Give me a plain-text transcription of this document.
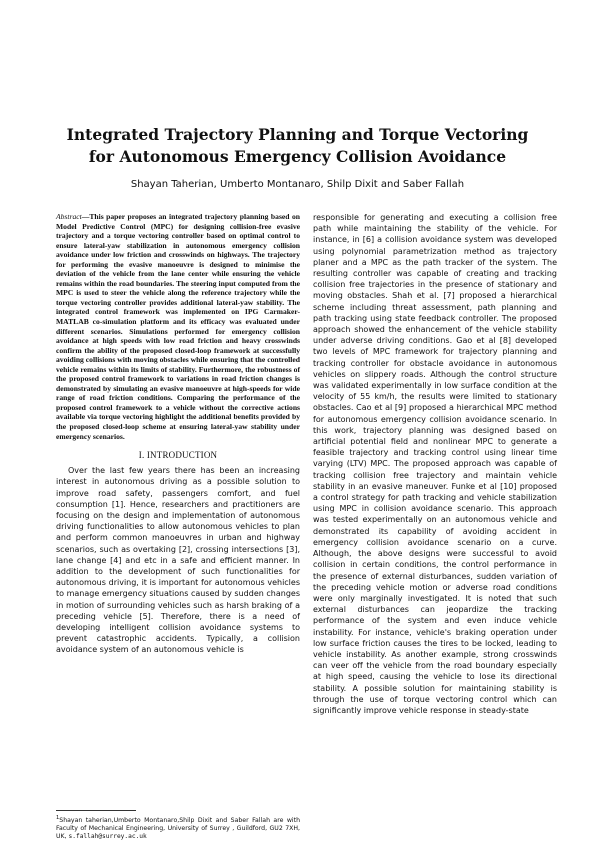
Integrated Trajectory Planning and Torque Vectoring for Autonomous Emergency Collision Avoidance
Shayan Taherian, Umberto Montanaro, Shilp Dixit and Saber Fallah

Abstract—This paper proposes an integrated trajectory planning based on Model Predictive Control (MPC) for designing collision-free evasive trajectory and a torque vectoring controller based on optimal control to ensure lateral-yaw stabilization in autonomous emergency collision avoidance under low friction and crosswinds on highways. The trajectory for performing the evasive manoeuvre is designed to minimise the deviation of the vehicle from the lane center while ensuring the vehicle remains within the road boundaries. The steering input computed from the MPC is used to steer the vehicle along the reference trajectory while the torque vectoring controller provides additional lateral-yaw stability. The integrated control framework was implemented on IPG Carmaker-MATLAB co-simulation platform and its efficacy was evaluated under different scenarios. Simulations performed for emergency collision avoidance at high speeds with low road friction and heavy crosswinds confirm the ability of the proposed closed-loop framework at successfully avoiding collisions with moving obstacles while ensuring that the controlled vehicle remains within its limits of stability. Furthermore, the robustness of the proposed control framework to variations in road friction changes is demonstrated by simulating an evasive manoeuvre at high-speeds for wide range of road friction conditions. Comparing the performance of the proposed control framework to a vehicle without the corrective actions available via torque vectoring highlight the additional benefits provided by the proposed closed-loop scheme at ensuring lateral-yaw stability under emergency scenarios.

I. INTRODUCTION

Over the last few years there has been an increasing interest in autonomous driving as a possible solution to improve road safety, passengers comfort, and fuel consumption [1]. Hence, researchers and practitioners are focusing on the design and implementation of autonomous driving functionalities to allow autonomous vehicles to plan and perform common manoeuvres in urban and highway scenarios, such as overtaking [2], crossing intersections [3], lane change [4] and etc in a safe and efficient manner. In addition to the development of such functionalities for autonomous driving, it is important for autonomous vehicles to manage emergency situations caused by sudden changes in motion of surrounding vehicles such as harsh braking of a preceding vehicle [5]. Therefore, there is a need of developing intelligent collision avoidance systems to prevent catastrophic accidents. Typically, a collision avoidance system of an autonomous vehicle is

responsible for generating and executing a collision free path while maintaining the stability of the vehicle. For instance, in [6] a collision avoidance system was developed using polynomial parametrization method as trajectory planer and a MPC as the path tracker of the system. The resulting controller was capable of creating and tracking collision free trajectories in the presence of stationary and moving obstacles. Shah et al. [7] proposed a hierarchical scheme including threat assessment, path planning and path tracking using state feedback controller. The proposed approach showed the enhancement of the vehicle stability under adverse driving conditions. Gao et al [8] developed two levels of MPC framework for trajectory planning and tracking controller for obstacle avoidance in autonomous vehicles on slippery roads. Although the control structure was validated experimentally in low surface condition at the velocity of 55 km/h, the results were limited to stationary obstacles. Cao et al [9] proposed a hierarchical MPC method for autonomous emergency collision avoidance scenario. In this work, trajectory planning was designed based on artificial potential field and nonlinear MPC to generate a feasible trajectory and tracking control using linear time varying (LTV) MPC. The proposed approach was capable of tracking collision free trajectory and maintain vehicle stability in an evasive maneuver. Funke et al [10] proposed a control strategy for path tracking and vehicle stabilization using MPC in collision avoidance scenario. This approach was tested experimentally on an autonomous vehicle and demonstrated its capability of avoiding accident in emergency collision avoidance scenario on a curve. Although, the above designs were successful to avoid collision in certain conditions, the control performance in the presence of external disturbances, sudden variation of the preceding vehicle motion or adverse road conditions were only marginally investigated. It is noted that such external disturbances can jeopardize the tracking performance of the system and even induce vehicle instability. For instance, vehicle's braking operation under low surface friction causes the tires to be locked, leading to vehicle instability. As another example, strong crosswinds can veer off the vehicle from the road boundary especially at high speed, causing the vehicle to lose its directional stability. A possible solution for maintaining stability is through the use of torque vectoring control which can significantly improve vehicle response in steady-state

$^1$Shayan taherian,Umberto Montanaro,Shilp Dixit and Saber Fallah are with Faculty of Mechanical Engineering, University of Surrey , Guildford, GU2 7XH, UK, s.fallah@surrey.ac.uk
